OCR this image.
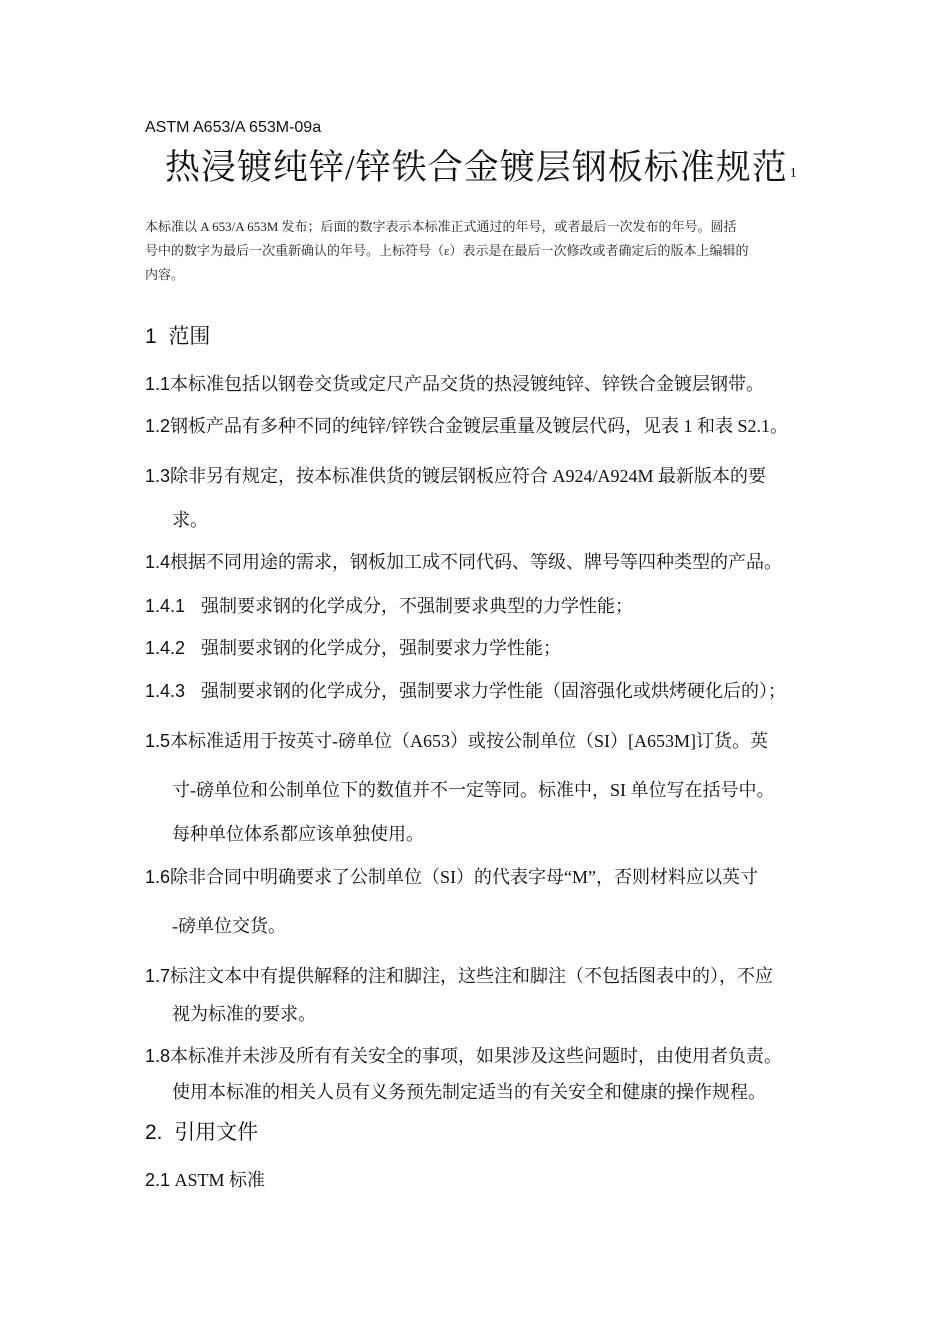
ASTM A653/A 653M-09a
热浸镀纯锌/锌铁合金镀层钢板标准规范 $^1$
本标准以 A 653/A 653M 发布；后面的数字表示本标准正式通过的年号，或者最后一次发布的年号。圆括
号中的数字为最后一次重新确认的年号。上标符号（ε）表示是在最后一次修改或者确定后的版本上编辑的
内容。
1 范围
1.1本标准包括以钢卷交货或定尺产品交货的热浸镀纯锌、锌铁合金镀层钢带。
1.2钢板产品有多种不同的纯锌/锌铁合金镀层重量及镀层代码，见表 1 和表 S2.1。
1.3除非另有规定，按本标准供货的镀层钢板应符合 A924/A924M 最新版本的要
求。
1.4根据不同用途的需求，钢板加工成不同代码、等级、牌号等四种类型的产品。
1.4.1 强制要求钢的化学成分，不强制要求典型的力学性能；
1.4.2 强制要求钢的化学成分，强制要求力学性能；
1.4.3 强制要求钢的化学成分，强制要求力学性能（固溶强化或烘烤硬化后的）；
1.5本标准适用于按英寸-磅单位（A653）或按公制单位（SI）[A653M]订货。英
寸-磅单位和公制单位下的数值并不一定等同。标准中，SI 单位写在括号中。
每种单位体系都应该单独使用。
1.6除非合同中明确要求了公制单位（SI）的代表字母“M”，否则材料应以英寸
-磅单位交货。
1.7标注文本中有提供解释的注和脚注，这些注和脚注（不包括图表中的），不应
视为标准的要求。
1.8本标准并未涉及所有有关安全的事项，如果涉及这些问题时，由使用者负责。
使用本标准的相关人员有义务预先制定适当的有关安全和健康的操作规程。
2. 引用文件
2.1 ASTM 标准
